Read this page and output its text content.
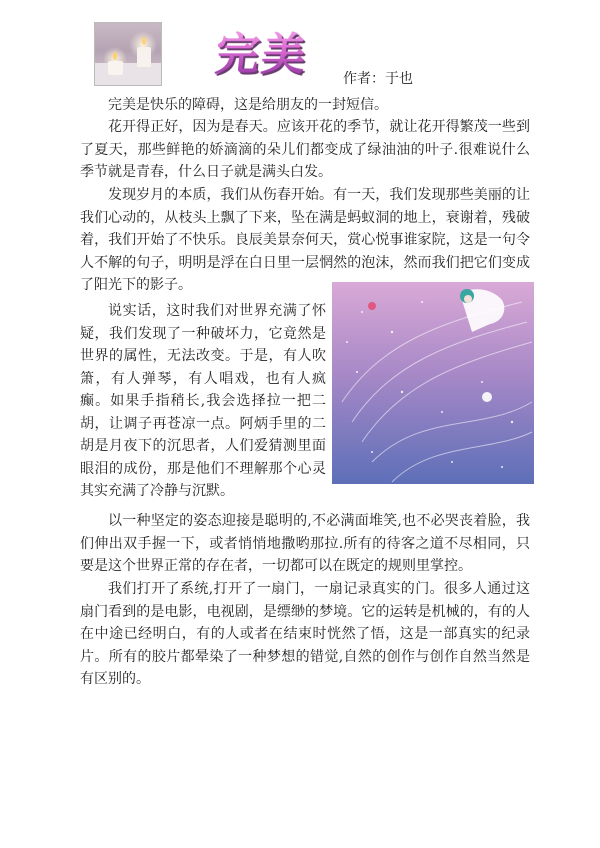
完美 作者：于也

完美是快乐的障碍，这是给朋友的一封短信。

花开得正好，因为是春天。应该开花的季节，就让花开得繁茂一些到了夏天，那些鲜艳的娇滴滴的朵儿们都变成了绿油油的叶子.很难说什么季节就是青春，什么日子就是满头白发。

发现岁月的本质，我们从伤春开始。有一天，我们发现那些美丽的让我们心动的，从枝头上飘了下来，坠在满是蚂蚁洞的地上，衰谢着，残破着，我们开始了不快乐。良辰美景奈何天，赏心悦事谁家院，这是一句令人不解的句子，明明是浮在白日里一层惘然的泡沫，然而我们把它们变成了阳光下的影子。

说实话，这时我们对世界充满了怀疑，我们发现了一种破坏力，它竟然是世界的属性，无法改变。于是，有人吹箫，有人弹琴，有人唱戏，也有人疯癫。如果手指稍长,我会选择拉一把二胡，让调子再苍凉一点。阿炳手里的二胡是月夜下的沉思者，人们爱猜测里面眼泪的成份，那是他们不理解那个心灵其实充满了冷静与沉默。

以一种坚定的姿态迎接是聪明的,不必满面堆笑,也不必哭丧着脸，我们伸出双手握一下，或者悄悄地撒哟那拉.所有的待客之道不尽相同，只要是这个世界正常的存在者，一切都可以在既定的规则里掌控。

我们打开了系统,打开了一扇门，一扇记录真实的门。很多人通过这扇门看到的是电影，电视剧，是缥缈的梦境。它的运转是机械的，有的人在中途已经明白，有的人或者在结束时恍然了悟，这是一部真实的纪录片。所有的胶片都晕染了一种梦想的错觉,自然的创作与创作自然当然是有区别的。
